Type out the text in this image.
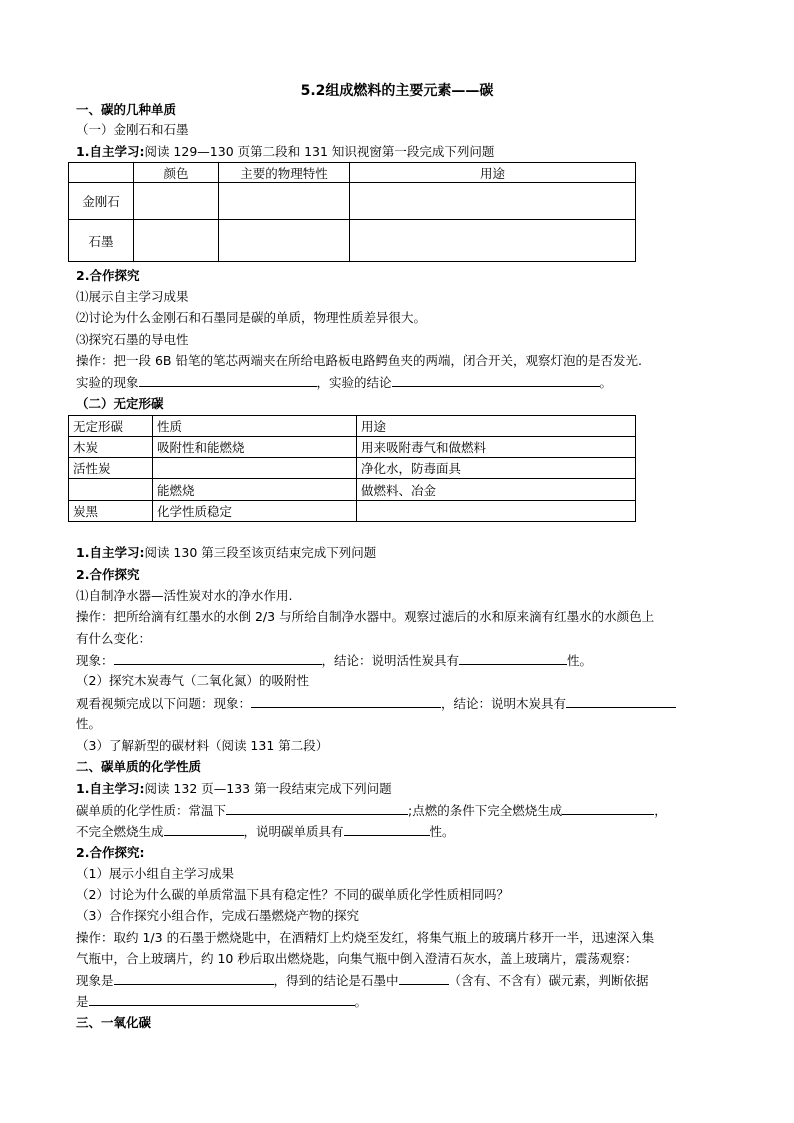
5.2组成燃料的主要元素——碳
一、碳的几种单质
（一）金刚石和石墨
1.自主学习:阅读 129—130 页第二段和 131 知识视窗第一段完成下列问题
	颜色	主要的物理特性	用途
金刚石			
石墨			
2.合作探究
⑴展示自主学习成果
⑵讨论为什么金刚石和石墨同是碳的单质，物理性质差异很大。
⑶探究石墨的导电性
操作：把一段 6B 铅笔的笔芯两端夹在所给电路板电路鳄鱼夹的两端，闭合开关，观察灯泡的是否发光.
实验的现象	，实验的结论	。
（二）无定形碳
无定形碳	性质	用途
木炭	吸附性和能燃烧	用来吸附毒气和做燃料
活性炭		净化水，防毒面具
	能燃烧	做燃料、冶金
炭黑	化学性质稳定	
1.自主学习:阅读 130 第三段至该页结束完成下列问题
2.合作探究
⑴自制净水器—活性炭对水的净水作用.
操作：把所给滴有红墨水的水倒 2/3 与所给自制净水器中。观察过滤后的水和原来滴有红墨水的水颜色上
有什么变化：
现象：	，结论：说明活性炭具有	性。
（2）探究木炭毒气（二氧化氮）的吸附性
观看视频完成以下问题：现象：	，结论：说明木炭具有
性。
（3）了解新型的碳材料（阅读 131 第二段）
二、碳单质的化学性质
1.自主学习:阅读 132 页—133 第一段结束完成下列问题
碳单质的化学性质：常温下	;点燃的条件下完全燃烧生成	，
不完全燃烧生成	，说明碳单质具有	性。
2.合作探究:
（1）展示小组自主学习成果
（2）讨论为什么碳的单质常温下具有稳定性？不同的碳单质化学性质相同吗？
（3）合作探究小组合作，完成石墨燃烧产物的探究
操作：取约 1/3 的石墨于燃烧匙中，在酒精灯上灼烧至发红，将集气瓶上的玻璃片移开一半，迅速深入集
气瓶中，合上玻璃片，约 10 秒后取出燃烧匙，向集气瓶中倒入澄清石灰水，盖上玻璃片，震荡观察：
现象是	，得到的结论是石墨中	（含有、不含有）碳元素，判断依据
是	。
三、一氧化碳
